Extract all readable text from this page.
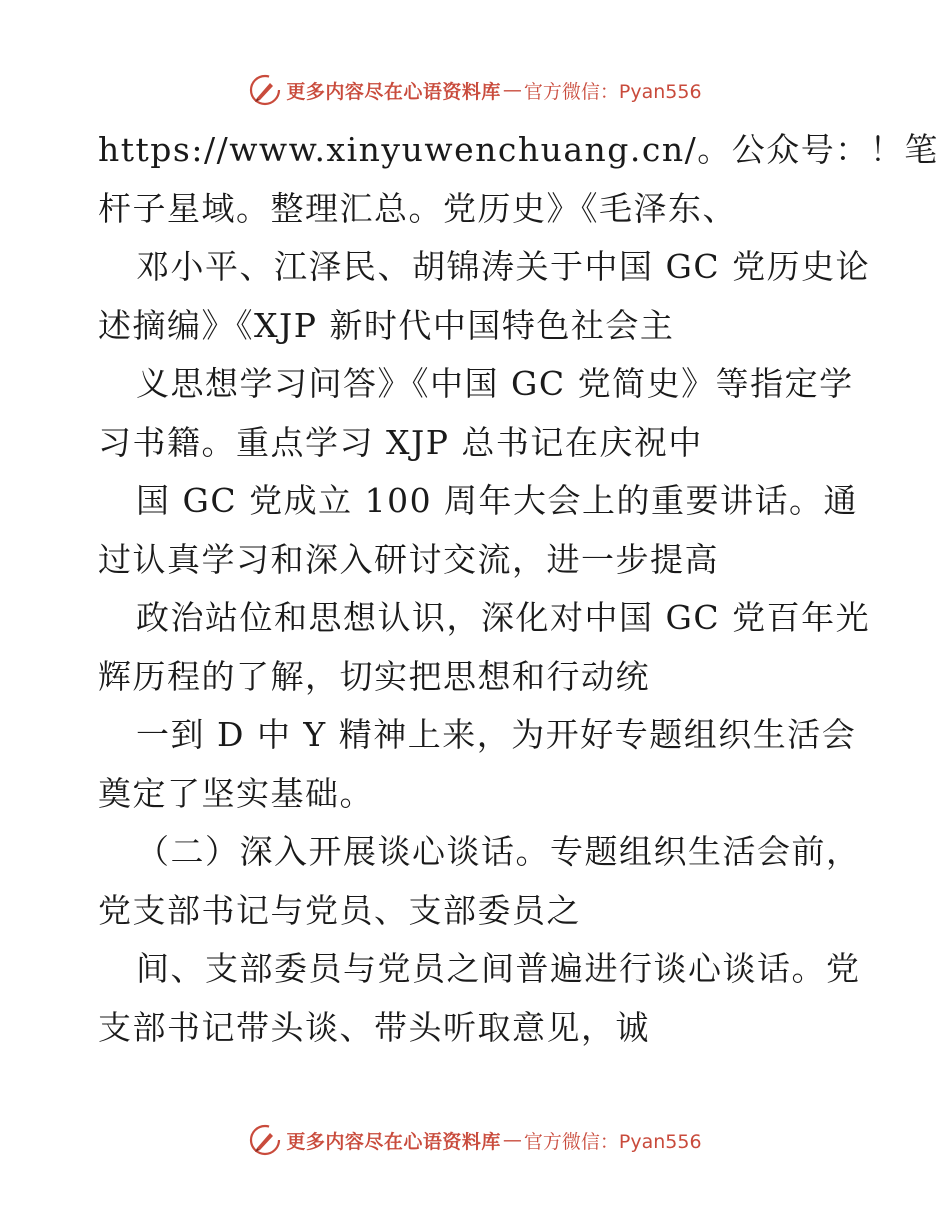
更多内容尽在心语资料库 — 官方微信：Pyan556
https://www.xinyuwenchuang.cn/。公众号：！笔
杆子星域。整理汇总。党历史》《毛泽东、
邓小平、江泽民、胡锦涛关于中国 GC 党历史论
述摘编》《XJP 新时代中国特色社会主
义思想学习问答》《中国 GC 党简史》等指定学
习书籍。重点学习 XJP 总书记在庆祝中
国 GC 党成立 100 周年大会上的重要讲话。通
过认真学习和深入研讨交流，进一步提高
政治站位和思想认识，深化对中国 GC 党百年光
辉历程的了解，切实把思想和行动统
一到 D 中 Y 精神上来，为开好专题组织生活会
奠定了坚实基础。
（二）深入开展谈心谈话。专题组织生活会前，
党支部书记与党员、支部委员之
间、支部委员与党员之间普遍进行谈心谈话。党
支部书记带头谈、带头听取意见，诚
更多内容尽在心语资料库 — 官方微信：Pyan556
